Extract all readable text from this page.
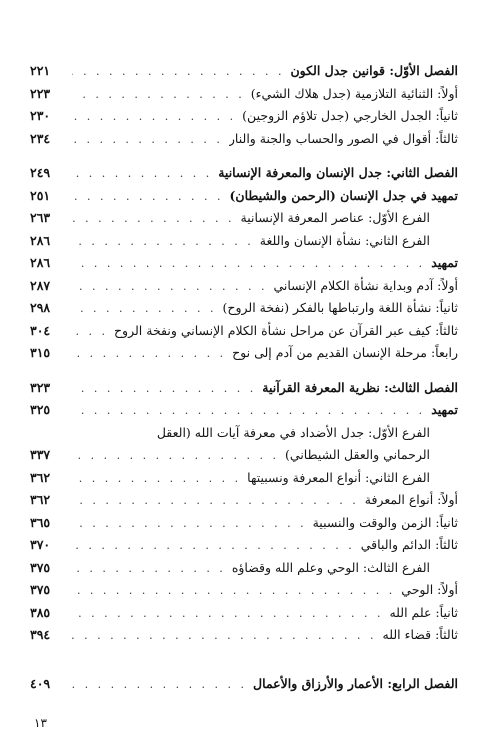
الفصل الأوّل: قوانين جدل الكون
. . .
٢٢١
أولاً: الثنائية التلازمية (جدل هلاك الشيء)
. . .
٢٢٣
ثانياً: الجدل الخارجي (جدل تلاؤم الزوجين)
. . .
٢٣٠
ثالثاً: أقوال في الصور والحساب والجنة والنار
. . .
٢٣٤
الفصل الثاني: جدل الإنسان والمعرفة الإنسانية
. . .
٢٤٩
تمهيد في جدل الإنسان (الرحمن والشيطان)
. . .
٢٥١
الفرع الأوّل: عناصر المعرفة الإنسانية
. . .
٢٦٣
الفرع الثاني: نشأة الإنسان واللغة
. . .
٢٨٦
تمهيد
. . .
٢٨٦
أولاً: آدم وبداية نشأة الكلام الإنساني
. . .
٢٨٧
ثانياً: نشأة اللغة وارتباطها بالفكر (نفخة الروح)
. . .
٢٩٨
ثالثاً: كيف عبر القرآن عن مراحل نشأة الكلام الإنساني ونفخة الروح
. . .
٣٠٤
رابعاً: مرحلة الإنسان القديم من آدم إلى نوح
. . .
٣١٥
الفصل الثالث: نظرية المعرفة القرآنية
. . .
٣٢٣
تمهيد
. . .
٣٢٥
الفرع الأوّل: جدل الأضداد في معرفة آيات الله (العقل
الرحماني والعقل الشيطاني)
. . .
٣٣٧
الفرع الثاني: أنواع المعرفة ونسبيتها
. . .
٣٦٢
أولاً: أنواع المعرفة
. . .
٣٦٢
ثانياً: الزمن والوقت والنسبية
. . .
٣٦٥
ثالثاً: الدائم والباقي
. . .
٣٧٠
الفرع الثالث: الوحي وعلم الله وقضاؤه
. . .
٣٧٥
أولاً: الوحي
. . .
٣٧٥
ثانياً: علم الله
. . .
٣٨٥
ثالثاً: قضاء الله
. . .
٣٩٤
الفصل الرابع: الأعمار والأرزاق والأعمال
. . .
٤٠٩
١٣
